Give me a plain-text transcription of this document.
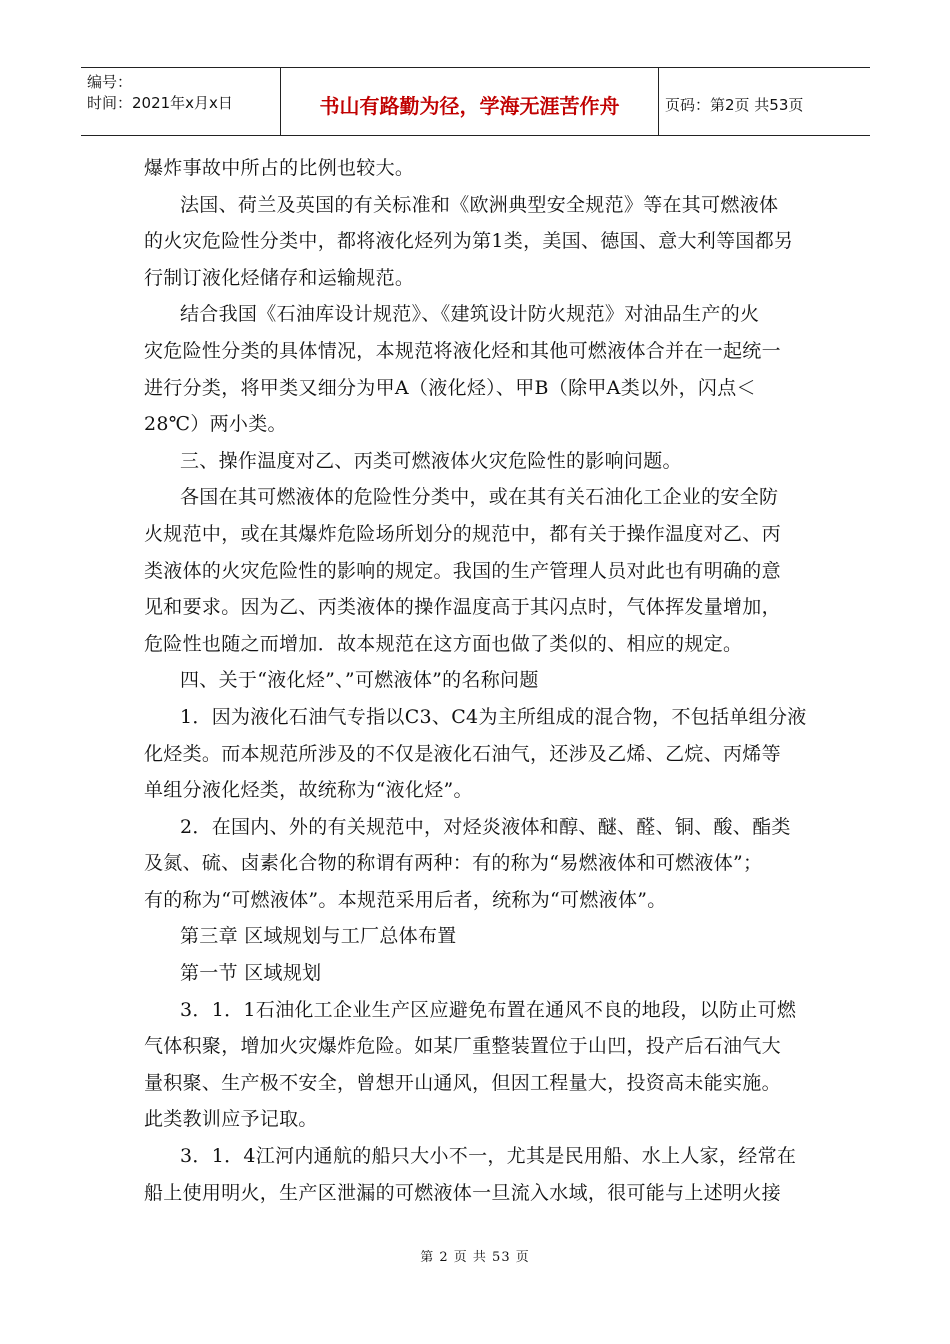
编号：
时间：2021年x月x日	书山有路勤为径，学海无涯苦作舟	页码：第2页 共53页
爆炸事故中所占的比例也较大。
法国、荷兰及英国的有关标准和《欧洲典型安全规范》等在其可燃液体
的火灾危险性分类中，都将液化烃列为第1类，美国、德国、意大利等国都另
行制订液化烃储存和运输规范。
结合我国《石油库设计规范》、《建筑设计防火规范》对油品生产的火
灾危险性分类的具体情况，本规范将液化烃和其他可燃液体合并在一起统一
进行分类，将甲类又细分为甲A（液化烃）、甲B（除甲A类以外，闪点＜
28℃）两小类。
三、操作温度对乙、丙类可燃液体火灾危险性的影响问题。
各国在其可燃液体的危险性分类中，或在其有关石油化工企业的安全防
火规范中，或在其爆炸危险场所划分的规范中，都有关于操作温度对乙、丙
类液体的火灾危险性的影响的规定。我国的生产管理人员对此也有明确的意
见和要求。因为乙、丙类液体的操作温度高于其闪点时，气体挥发量增加，
危险性也随之而增加．故本规范在这方面也做了类似的、相应的规定。
四、关于“液化烃”、”可燃液体”的名称问题
1．因为液化石油气专指以C3、C4为主所组成的混合物，不包括单组分液
化烃类。而本规范所涉及的不仅是液化石油气，还涉及乙烯、乙烷、丙烯等
单组分液化烃类，故统称为“液化烃”。
2．在国内、外的有关规范中，对烃炎液体和醇、醚、醛、铜、酸、酯类
及氮、硫、卤素化合物的称谓有两种：有的称为“易燃液体和可燃液体”；
有的称为“可燃液体”。本规范采用后者，统称为“可燃液体”。
第三章 区域规划与工厂总体布置
第一节 区域规划
3．1．1石油化工企业生产区应避免布置在通风不良的地段，以防止可燃
气体积聚，增加火灾爆炸危险。如某厂重整装置位于山凹，投产后石油气大
量积聚、生产极不安全，曾想开山通风，但因工程量大，投资高未能实施。
此类教训应予记取。
3．1．4江河内通航的船只大小不一，尤其是民用船、水上人家，经常在
船上使用明火，生产区泄漏的可燃液体一旦流入水域，很可能与上述明火接
第 2 页 共 53 页
